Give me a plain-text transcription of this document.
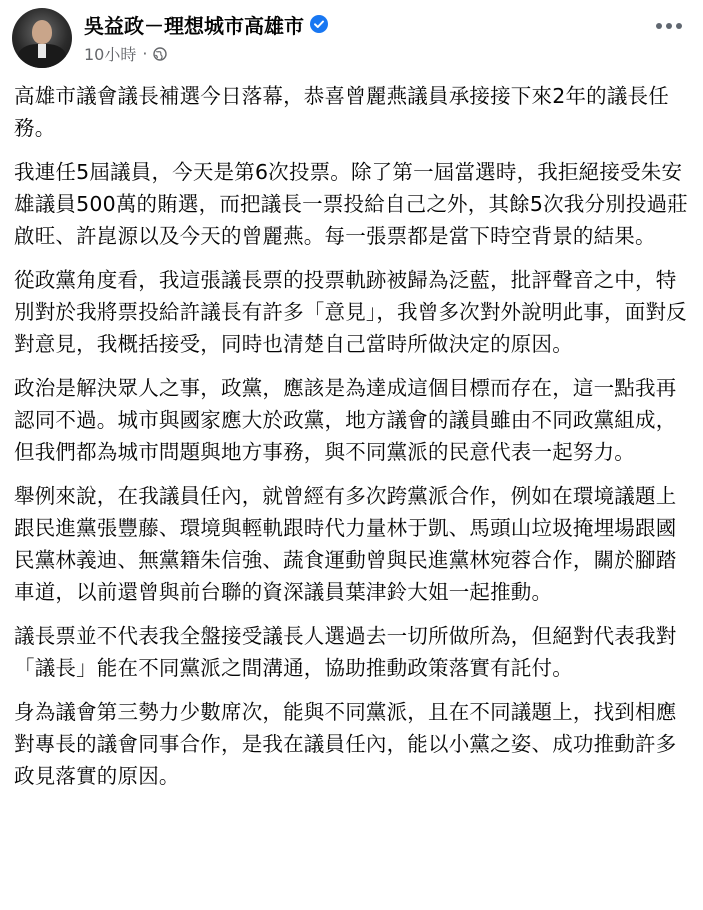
吳益政－理想城市高雄市
10小時 ·

高雄市議會議長補選今日落幕，恭喜曾麗燕議員承接接下來2年的議長任務。

我連任5屆議員，今天是第6次投票。除了第一屆當選時，我拒絕接受朱安雄議員500萬的賄選，而把議長一票投給自己之外，其餘5次我分別投過莊啟旺、許崑源以及今天的曾麗燕。每一張票都是當下時空背景的結果。

從政黨角度看，我這張議長票的投票軌跡被歸為泛藍，批評聲音之中，特別對於我將票投給許議長有許多「意見」，我曾多次對外說明此事，面對反對意見，我概括接受，同時也清楚自己當時所做決定的原因。

政治是解決眾人之事，政黨，應該是為達成這個目標而存在，這一點我再認同不過。城市與國家應大於政黨，地方議會的議員雖由不同政黨組成，但我們都為城市問題與地方事務，與不同黨派的民意代表一起努力。

舉例來說，在我議員任內，就曾經有多次跨黨派合作，例如在環境議題上跟民進黨張豐藤、環境與輕軌跟時代力量林于凱、馬頭山垃圾掩埋場跟國民黨林義迪、無黨籍朱信強、蔬食運動曾與民進黨林宛蓉合作，關於腳踏車道，以前還曾與前台聯的資深議員葉津鈴大姐一起推動。

議長票並不代表我全盤接受議長人選過去一切所做所為，但絕對代表我對「議長」能在不同黨派之間溝通，協助推動政策落實有託付。

身為議會第三勢力少數席次，能與不同黨派，且在不同議題上，找到相應對專長的議會同事合作，是我在議員任內，能以小黨之姿、成功推動許多政見落實的原因。
